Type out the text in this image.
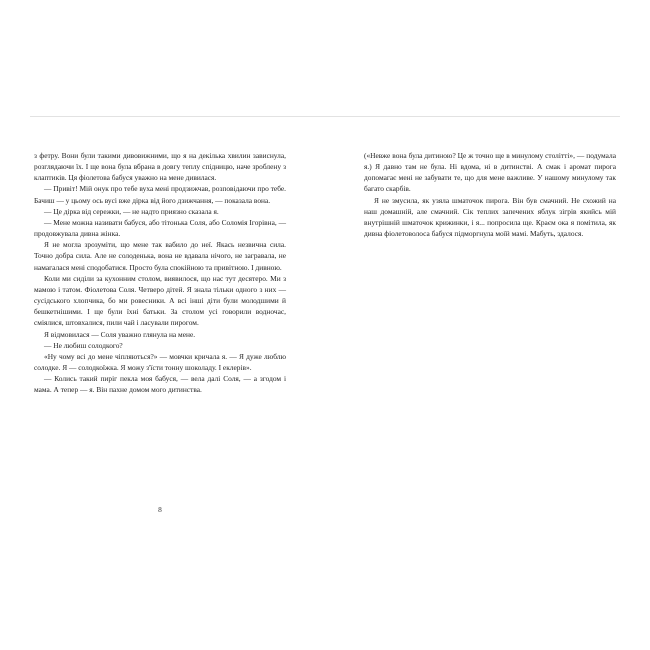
з фетру. Вони були такими дивовижними, що я на декілька хвилин зависнула, розглядаючи їх. І ще вона була вбрана в довгу теплу спідницю, наче зроблену з клаптиків. Ця фіолетова бабуся уважно на мене дивилася.

— Привіт! Мій онук про тебе вуха мені продзижчав, розповідаючи про тебе. Бачиш — у цьому ось вусі вже дірка від його дзижчання, — показала вона.

— Це дірка від сережки, — не надто приязно сказала я.

— Мене можна називати бабуся, або тітонька Соля, або Соломія Ігорівна, — продовжувала дивна жінка.

Я не могла зрозуміти, що мене так вабило до неї. Якась незвична сила. Точно добра сила. Але не солоденька, вона не вдавала нічого, не загравала, не намагалася мені сподобатися. Просто була спокійною та привітною. І дивною.

Коли ми сиділи за кухонним столом, виявилося, що нас тут десятеро. Ми з мамою і татом. Фіолетова Соля. Четверо дітей. Я знала тільки одного з них — сусідського хлопчика, бо ми ровесники. А всі інші діти були молодшими й бешкетнішими. І ще були їхні батьки. За столом усі говорили водночас, сміялися, штовхалися, пили чай і ласували пирогом.

Я відмовилася — Соля уважно глянула на мене.

— Не любиш солодкого?

«Ну чому всі до мене чіпляються?» — мовчки кричала я. — Я дуже люблю солодке. Я — солодкоїжка. Я можу з'їсти тонну шоколаду. І еклерів».

— Колись такий пиріг пекла моя бабуся, — вела далі Соля, — а згодом і мама. А тепер — я. Він пахне домом мого дитинства.

(«Невже вона була дитиною? Це ж точно ще в минулому столітті», — подумала я.) Я давно там не була. Ні вдома, ні в дитинстві. А смак і аромат пирога допомагає мені не забувати те, що для мене важливе. У нашому минулому так багато скарбів.

Я не змусила, як узяла шматочок пирога. Він був смачний. Не схожий на наш домашній, але смачний. Сік теплих запечених яблук зігрів якийсь мій внутрішній шматочок крижинки, і я... попросила ще. Краєм ока я помітила, як дивна фіолетоволоса бабуся підморгнула моїй мамі. Мабуть, здалося.

8
